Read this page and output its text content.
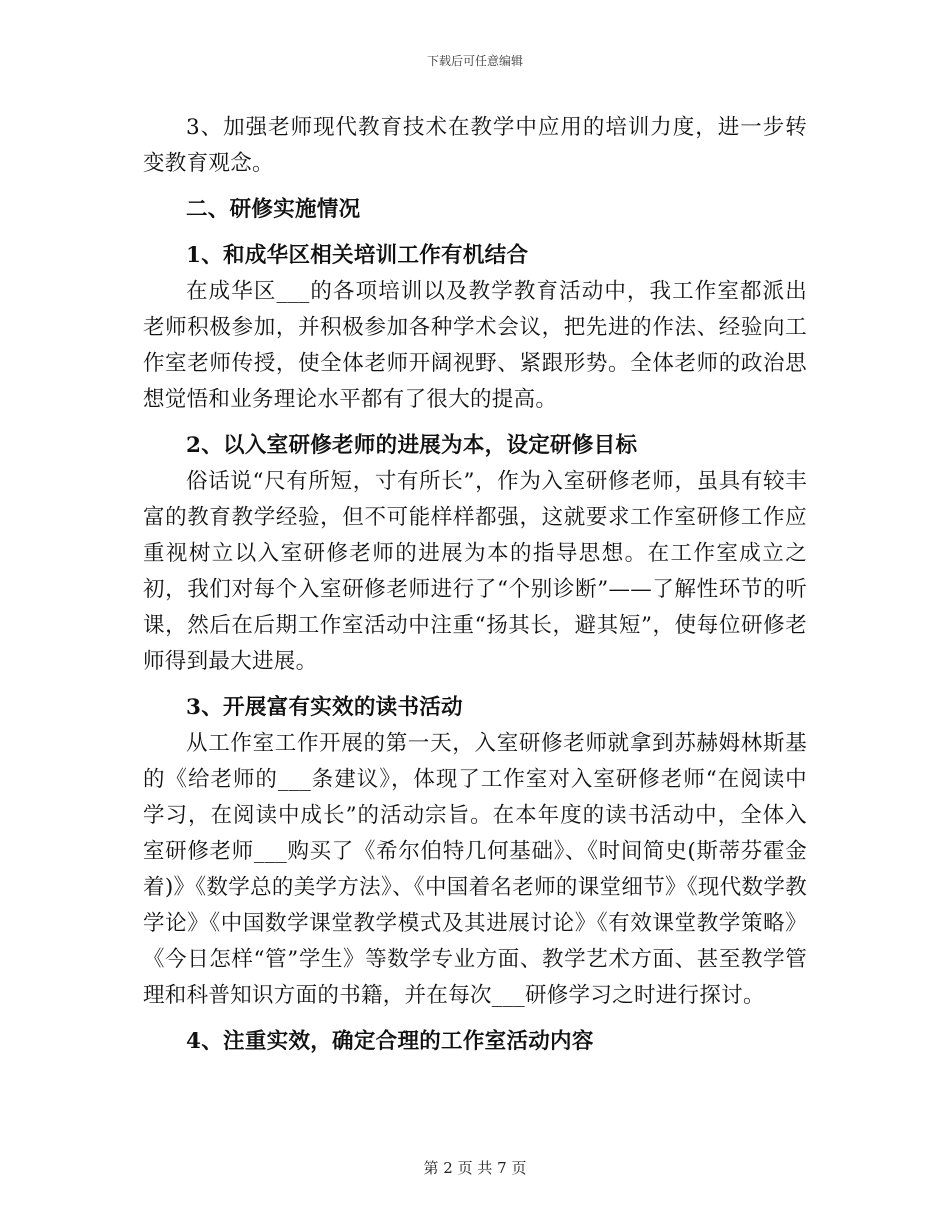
下载后可任意编辑

3、加强老师现代教育技术在教学中应用的培训力度，进一步转变教育观念。

二、研修实施情况

1、和成华区相关培训工作有机结合

在成华区___的各项培训以及教学教育活动中，我工作室都派出老师积极参加，并积极参加各种学术会议，把先进的作法、经验向工作室老师传授，使全体老师开阔视野、紧跟形势。全体老师的政治思想觉悟和业务理论水平都有了很大的提高。

2、以入室研修老师的进展为本，设定研修目标

俗话说“尺有所短，寸有所长”，作为入室研修老师，虽具有较丰富的教育教学经验，但不可能样样都强，这就要求工作室研修工作应重视树立以入室研修老师的进展为本的指导思想。在工作室成立之初，我们对每个入室研修老师进行了“个别诊断”——了解性环节的听课，然后在后期工作室活动中注重“扬其长，避其短”，使每位研修老师得到最大进展。

3、开展富有实效的读书活动

从工作室工作开展的第一天，入室研修老师就拿到苏赫姆林斯基的《给老师的___条建议》，体现了工作室对入室研修老师“在阅读中学习，在阅读中成长”的活动宗旨。在本年度的读书活动中，全体入室研修老师___购买了《希尔伯特几何基础》、《时间简史(斯蒂芬霍金着)》《数学总的美学方法》、《中国着名老师的课堂细节》《现代数学教学论》《中国数学课堂教学模式及其进展讨论》《有效课堂教学策略》《今日怎样“管”学生》等数学专业方面、教学艺术方面、甚至教学管理和科普知识方面的书籍，并在每次___研修学习之时进行探讨。

4、注重实效，确定合理的工作室活动内容

第 2 页 共 7 页
